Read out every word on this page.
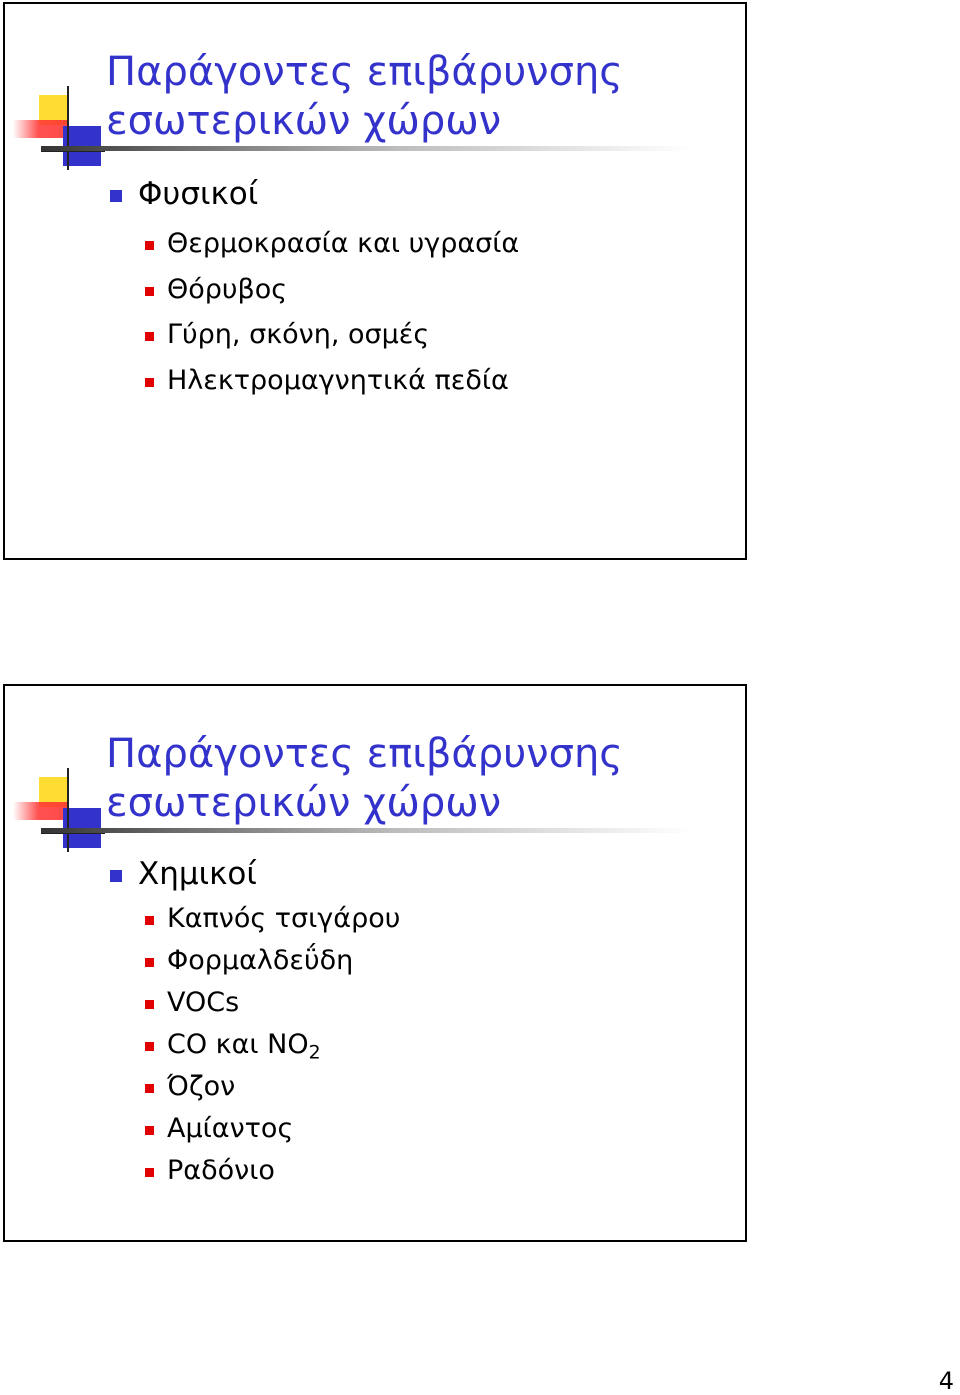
Παράγοντες επιβάρυνσης
εσωτερικών χώρων
Φυσικοί
Θερμοκρασία και υγρασία
Θόρυβος
Γύρη, σκόνη, οσμές
Ηλεκτρομαγνητικά πεδία
Παράγοντες επιβάρυνσης
εσωτερικών χώρων
Χημικοί
Καπνός τσιγάρου
Φορμαλδεΰδη
VOCs
CO και $NO_2$
Όζον
Αμίαντος
Ραδόνιο
4
